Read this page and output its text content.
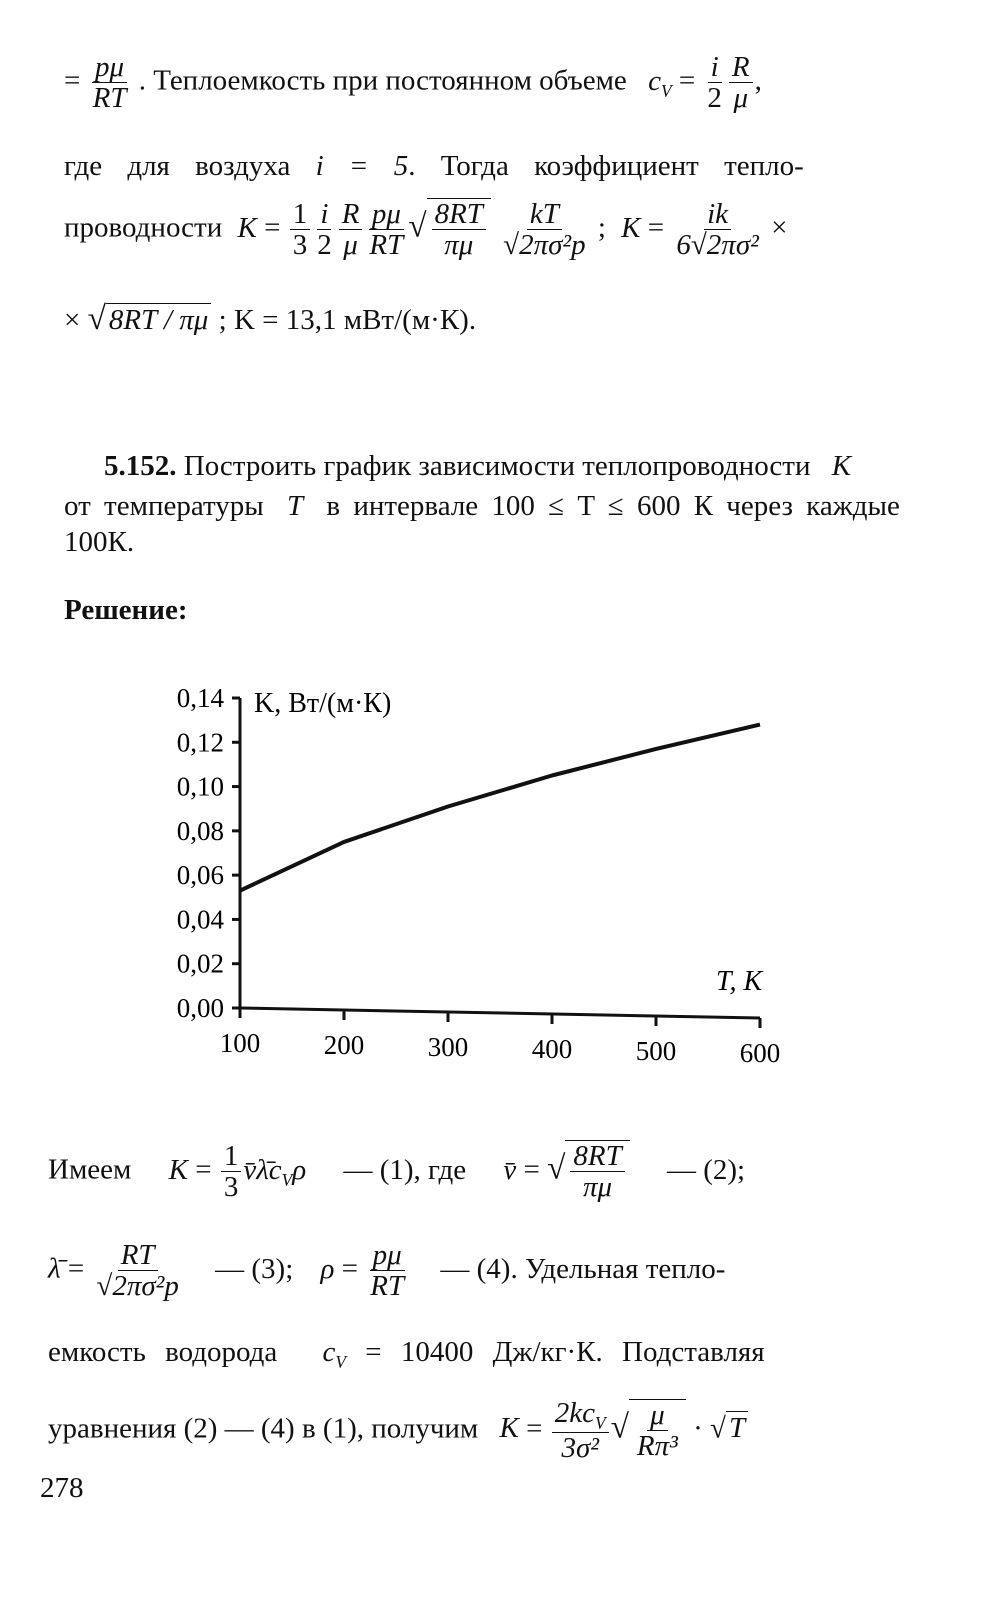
= $\frac{p\mu}{RT}$ . Теплоемкость при постоянном объеме $c_V = \frac{i}{2} \frac{R}{\mu}$ ,
где для воздуха i = 5. Тогда коэффициент тепло-
проводности $K = \frac{1}{3} \frac{i}{2} \frac{R}{\mu} \frac{p\mu}{RT}$ √ $\frac{8RT}{\pi\mu}$
$\frac{kT}{\text{√2πσ²p}}$ ; $K = \frac{ik}{\text{6√2πσ²}}$ ×
× √ 8RT / πμ ; K = 13,1 мВт/(м·К).
5.152. Построить график зависимости теплопроводности K
от температуры T в интервале 100 ≤ T ≤ 600 К через каждые
100К.
Решение:
0,00
0,02
0,04
0,06
0,08
0,10
0,12
0,14
100 200 300 400 500 600
K, Вт/(м·К)
T, К
Имеем $K = \frac{1}{3}$ $v̄\lambdāc_V\rho$ — (1), где v̄ = √ $\frac{8RT}{\pi\mu}$ — (2);
λ̄ = $\frac{RT}{\text{√2πσ²p}}$ — (3); $\rho = \frac{p\mu}{RT}$ — (4). Удельная тепло-
емкость водорода $c_V = 10400$ Дж/кг·К. Подставляя
уравнения (2) — (4) в (1), получим $K = \frac{2kc_V}{\text{3σ²}}$ √ $\frac{\mu}{\text{Rπ³}}$ · √ T
278
